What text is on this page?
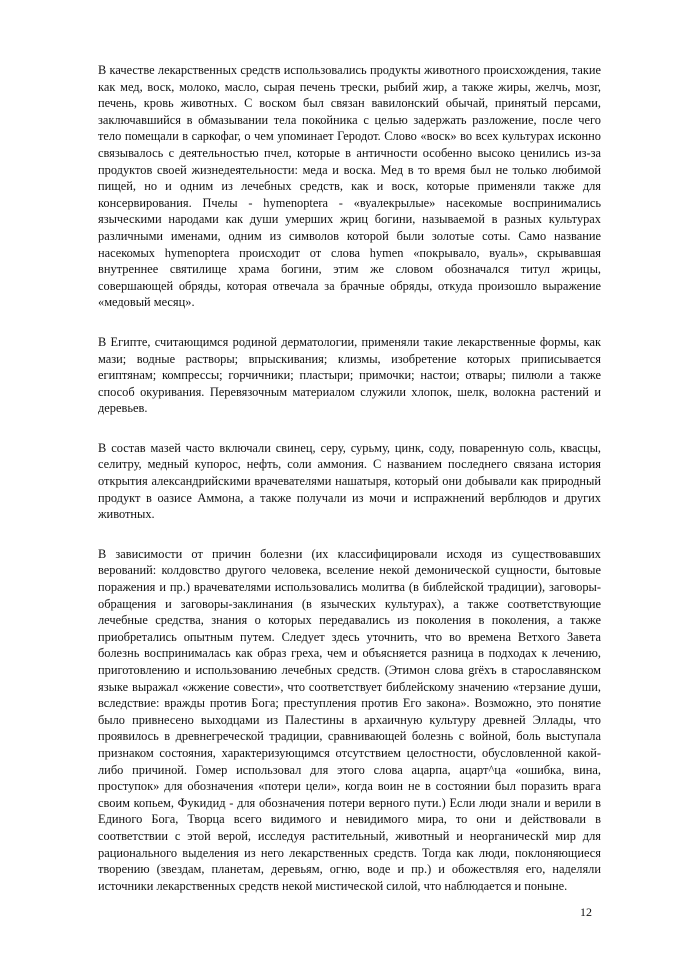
В качестве лекарственных средств использовались продукты животного происхождения, такие как мед, воск, молоко, масло, сырая печень трески, рыбий жир, а также жиры, желчь, мозг, печень, кровь животных. С воском был связан вавилонский обычай, принятый персами, заключавшийся в обмазывании тела покойника с целью задержать разложение, после чего тело помещали в саркофаг, о чем упоминает Геродот. Слово «воск» во всех культурах исконно связывалось с деятельностью пчел, которые в античности особенно высоко ценились из-за продуктов своей жизнедеятельности: меда и воска. Мед в то время был не только любимой пищей, но и одним из лечебных средств, как и воск, которые применяли также для консервирования. Пчелы - hymenoptera - «вуалекрылые» насекомые воспринимались языческими народами как души умерших жриц богини, называемой в разных культурах различными именами, одним из символов которой были золотые соты. Само название насекомых hymenoptera происходит от слова hymen «покрывало, вуаль», скрывавшая внутреннее святилище храма богини, этим же словом обозначался титул жрицы, совершающей обряды, которая отвечала за брачные обряды, откуда произошло выражение «медовый месяц».

В Египте, считающимся родиной дерматологии, применяли такие лекарственные формы, как мази; водные растворы; впрыскивания; клизмы, изобретение которых приписывается египтянам; компрессы; горчичники; пластыри; примочки; настои; отвары; пилюли а также способ окуривания. Перевязочным материалом служили хлопок, шелк, волокна растений и деревьев.

В состав мазей часто включали свинец, серу, сурьму, цинк, соду, поваренную соль, квасцы, селитру, медный купорос, нефть, соли аммония. С названием последнего связана история открытия александрийскими врачевателями нашатыря, который они добывали как природный продукт в оазисе Аммона, а также получали из мочи и испражнений верблюдов и других животных.

В зависимости от причин болезни (их классифицировали исходя из существовавших верований: колдовство другого человека, вселение некой демонической сущности, бытовые поражения и пр.) врачевателями использовались молитва (в библейской традиции), заговоры-обращения и заговоры-заклинания (в языческих культурах), а также соответствующие лечебные средства, знания о которых передавались из поколения в поколения, а также приобретались опытным путем. Следует здесь уточнить, что во времена Ветхого Завета болезнь воспринималась как образ греха, чем и объясняется разница в подходах к лечению, приготовлению и использованию лечебных средств. (Этимон слова grёxъ в старославянском языке выражал «жжение совести», что соответствует библейскому значению «терзание души, вследствие: вражды против Бога; преступления против Его закона». Возможно, это понятие было привнесено выходцами из Палестины в архаичную культуру древней Эллады, что проявилось в древнегреческой традиции, сравнивающей болезнь с войной, боль выступала признаком состояния, характеризующимся отсутствием целостности, обусловленной какой-либо причиной. Гомер использовал для этого слова ацарпа, ацарт^ца «ошибка, вина, проступок» для обозначения «потери цели», когда воин не в состоянии был поразить врага своим копьем, Фукидид - для обозначения потери верного пути.) Если люди знали и верили в Единого Бога, Творца всего видимого и невидимого мира, то они и действовали в соответствии с этой верой, исследуя растительный, животный и неорганическй мир для рационального выделения из него лекарственных средств. Тогда как люди, поклоняющиеся творению (звездам, планетам, деревьям, огню, воде и пр.) и обожествляя его, наделяли источники лекарственных средств некой мистической силой, что наблюдается и поныне.

12
